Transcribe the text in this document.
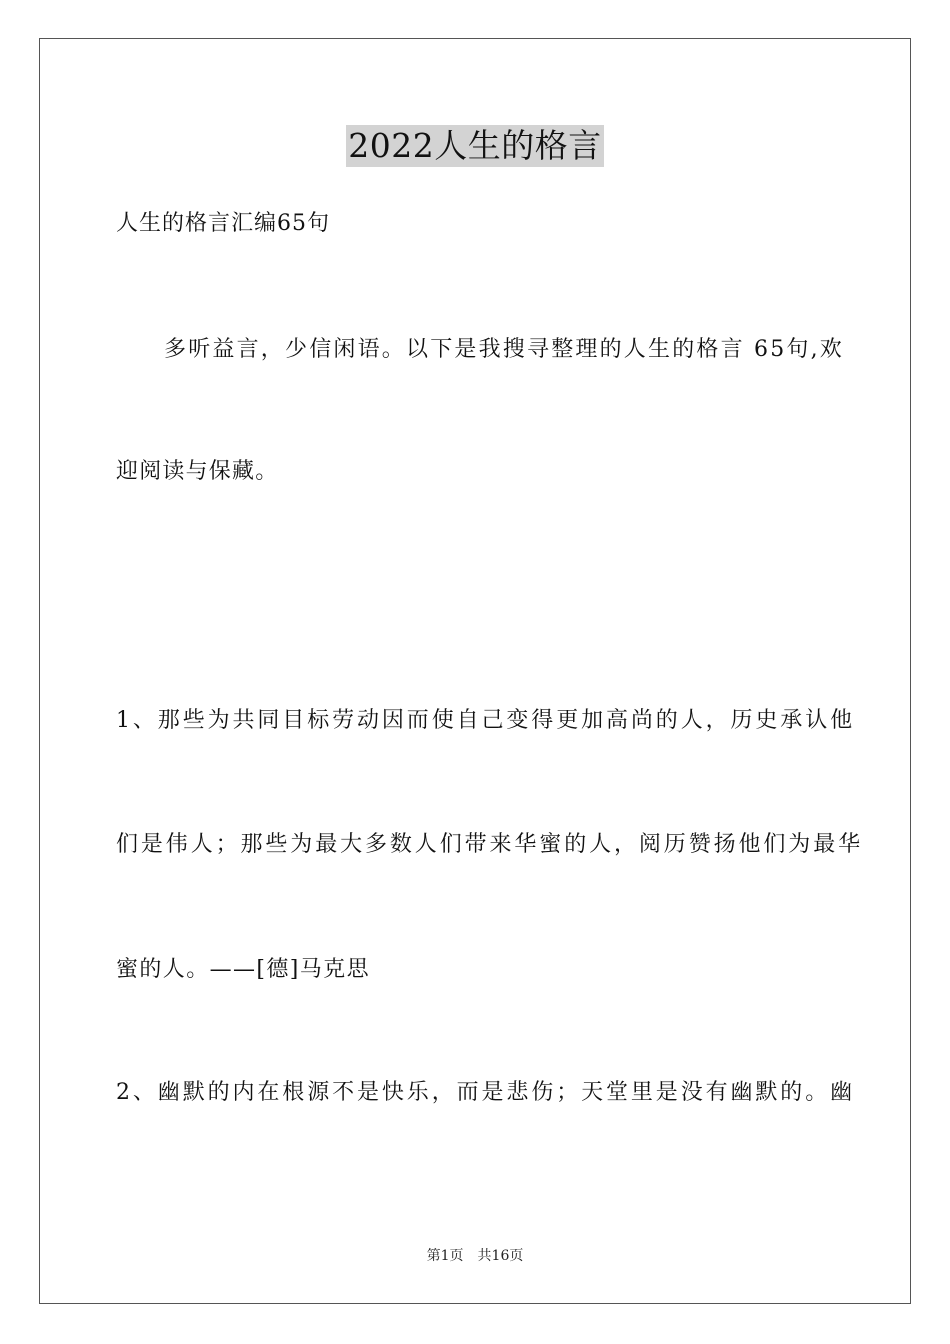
2022人生的格言
人生的格言汇编65句
多听益言，少信闲语。以下是我搜寻整理的人生的格言 65句,欢
迎阅读与保藏。
1、那些为共同目标劳动因而使自己变得更加高尚的人，历史承认他
们是伟人；那些为最大多数人们带来华蜜的人，阅历赞扬他们为最华
蜜的人。——[德]马克思
2、幽默的内在根源不是快乐，而是悲伤；天堂里是没有幽默的。幽
第1页 共16页
